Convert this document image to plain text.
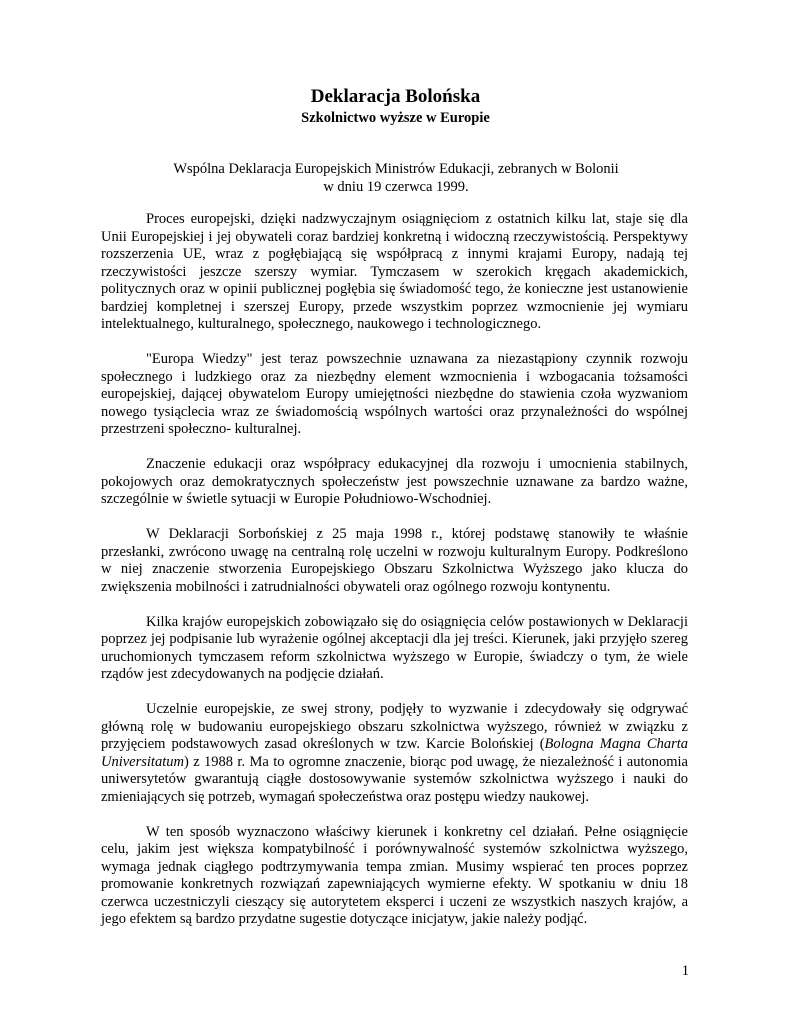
Deklaracja Bolońska
Szkolnictwo wyższe w Europie

Wspólna Deklaracja Europejskich Ministrów Edukacji, zebranych w Bolonii
w dniu 19 czerwca 1999.

Proces europejski, dzięki nadzwyczajnym osiągnięciom z ostatnich kilku lat, staje się dla Unii Europejskiej i jej obywateli coraz bardziej konkretną i widoczną rzeczywistością. Perspektywy rozszerzenia UE, wraz z pogłębiającą się współpracą z innymi krajami Europy, nadają tej rzeczywistości jeszcze szerszy wymiar. Tymczasem w szerokich kręgach akademickich, politycznych oraz w opinii publicznej pogłębia się świadomość tego, że konieczne jest ustanowienie bardziej kompletnej i szerszej Europy, przede wszystkim poprzez wzmocnienie jej wymiaru intelektualnego, kulturalnego, społecznego, naukowego i technologicznego.

"Europa Wiedzy" jest teraz powszechnie uznawana za niezastąpiony czynnik rozwoju społecznego i ludzkiego oraz za niezbędny element wzmocnienia i wzbogacania tożsamości europejskiej, dającej obywatelom Europy umiejętności niezbędne do stawienia czoła wyzwaniom nowego tysiąclecia wraz ze świadomością wspólnych wartości oraz przynależności do wspólnej przestrzeni społeczno- kulturalnej.

Znaczenie edukacji oraz współpracy edukacyjnej dla rozwoju i umocnienia stabilnych, pokojowych oraz demokratycznych społeczeństw jest powszechnie uznawane za bardzo ważne, szczególnie w świetle sytuacji w Europie Południowo-Wschodniej.

W Deklaracji Sorbońskiej z 25 maja 1998 r., której podstawę stanowiły te właśnie przesłanki, zwrócono uwagę na centralną rolę uczelni w rozwoju kulturalnym Europy. Podkreślono w niej znaczenie stworzenia Europejskiego Obszaru Szkolnictwa Wyższego jako klucza do zwiększenia mobilności i zatrudnialności obywateli oraz ogólnego rozwoju kontynentu.

Kilka krajów europejskich zobowiązało się do osiągnięcia celów postawionych w Deklaracji poprzez jej podpisanie lub wyrażenie ogólnej akceptacji dla jej treści. Kierunek, jaki przyjęło szereg uruchomionych tymczasem reform szkolnictwa wyższego w Europie, świadczy o tym, że wiele rządów jest zdecydowanych na podjęcie działań.

Uczelnie europejskie, ze swej strony, podjęły to wyzwanie i zdecydowały się odgrywać główną rolę w budowaniu europejskiego obszaru szkolnictwa wyższego, również w związku z przyjęciem podstawowych zasad określonych w tzw. Karcie Bolońskiej (Bologna Magna Charta Universitatum) z 1988 r. Ma to ogromne znaczenie, biorąc pod uwagę, że niezależność i autonomia uniwersytetów gwarantują ciągłe dostosowywanie systemów szkolnictwa wyższego i nauki do zmieniających się potrzeb, wymagań społeczeństwa oraz postępu wiedzy naukowej.

W ten sposób wyznaczono właściwy kierunek i konkretny cel działań. Pełne osiągnięcie celu, jakim jest większa kompatybilność i porównywalność systemów szkolnictwa wyższego, wymaga jednak ciągłego podtrzymywania tempa zmian. Musimy wspierać ten proces poprzez promowanie konkretnych rozwiązań zapewniających wymierne efekty. W spotkaniu w dniu 18 czerwca uczestniczyli cieszący się autorytetem eksperci i uczeni ze wszystkich naszych krajów, a jego efektem są bardzo przydatne sugestie dotyczące inicjatyw, jakie należy podjąć.

1
